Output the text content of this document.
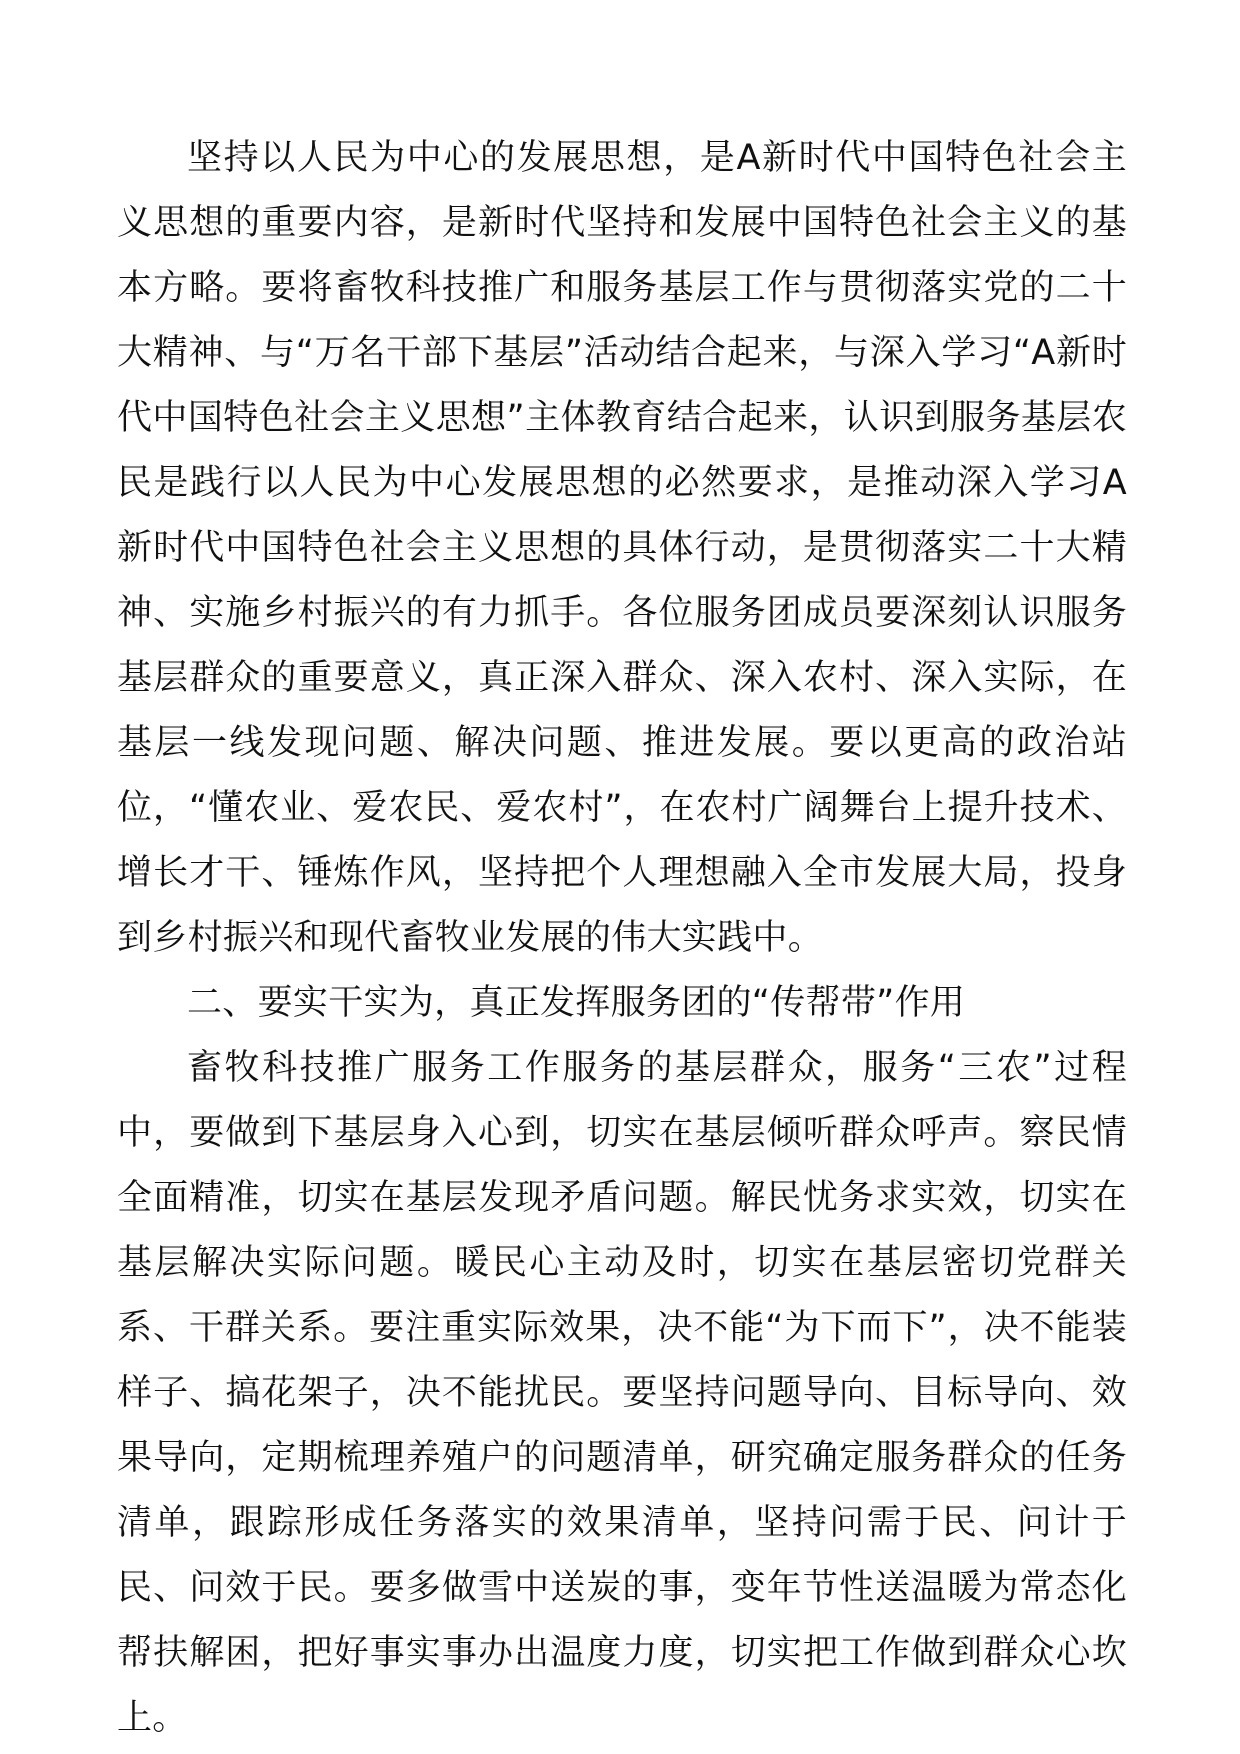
坚持以人民为中心的发展思想，是A新时代中国特色社会主义思想的重要内容，是新时代坚持和发展中国特色社会主义的基本方略。要将畜牧科技推广和服务基层工作与贯彻落实党的二十大精神、与“万名干部下基层”活动结合起来，与深入学习“A新时代中国特色社会主义思想”主体教育结合起来，认识到服务基层农民是践行以人民为中心发展思想的必然要求，是推动深入学习A新时代中国特色社会主义思想的具体行动，是贯彻落实二十大精神、实施乡村振兴的有力抓手。各位服务团成员要深刻认识服务基层群众的重要意义，真正深入群众、深入农村、深入实际，在基层一线发现问题、解决问题、推进发展。要以更高的政治站位，“懂农业、爱农民、爱农村”，在农村广阔舞台上提升技术、增长才干、锤炼作风，坚持把个人理想融入全市发展大局，投身到乡村振兴和现代畜牧业发展的伟大实践中。

二、要实干实为，真正发挥服务团的“传帮带”作用

畜牧科技推广服务工作服务的基层群众，服务“三农”过程中，要做到下基层身入心到，切实在基层倾听群众呼声。察民情全面精准，切实在基层发现矛盾问题。解民忧务求实效，切实在基层解决实际问题。暖民心主动及时，切实在基层密切党群关系、干群关系。要注重实际效果，决不能“为下而下”，决不能装样子、搞花架子，决不能扰民。要坚持问题导向、目标导向、效果导向，定期梳理养殖户的问题清单，研究确定服务群众的任务清单，跟踪形成任务落实的效果清单，坚持问需于民、问计于民、问效于民。要多做雪中送炭的事，变年节性送温暖为常态化帮扶解困，把好事实事办出温度力度，切实把工作做到群众心坎上。
